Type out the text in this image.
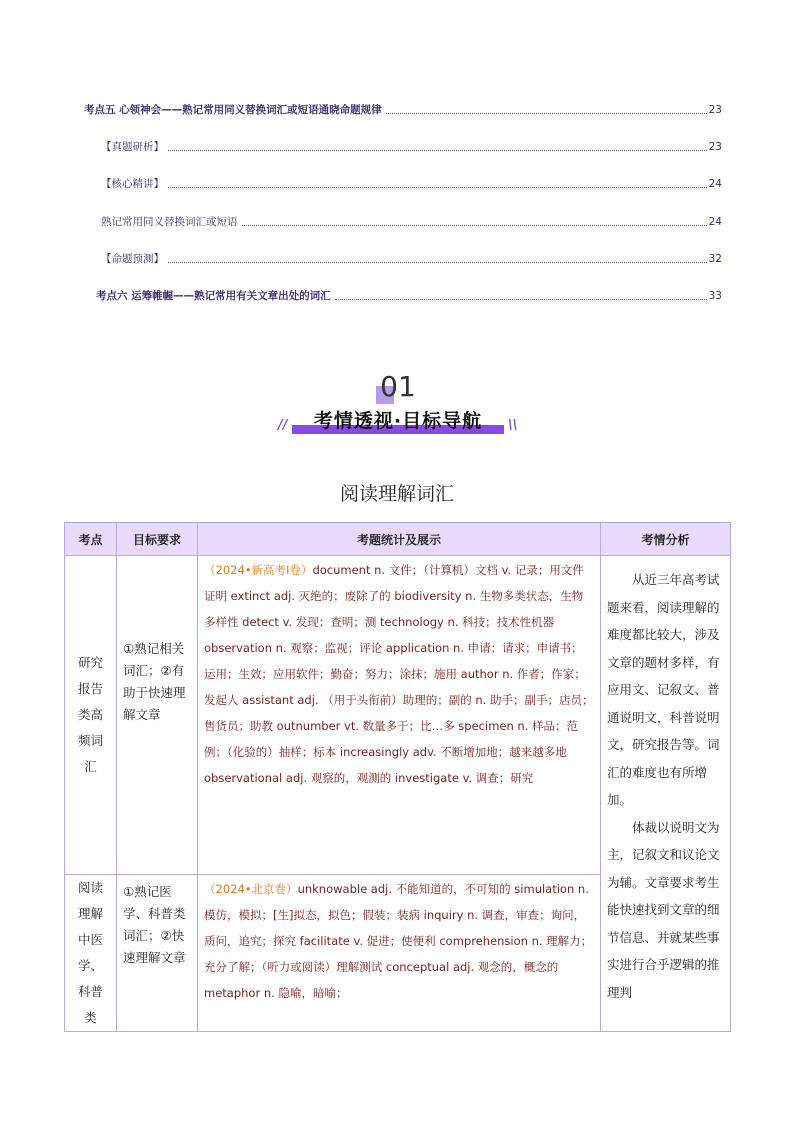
考点五 心领神会——熟记常用同义替换词汇或短语通晓命题规律	23
【真题研析】	23
【核心精讲】	24
熟记常用同义替换词汇或短语	24
【命题预测】	32
考点六 运筹帷幄——熟记常用有关文章出处的词汇	33
01
//	考情透视·目标导航	\\
阅读理解词汇
考点	目标要求	考题统计及展示	考情分析
研究报告类高频词汇	①熟记相关词汇；②有助于快速理解文章	（2024•新高考I卷）document n. 文件；（计算机）文档 v. 记录；用文件证明 extinct adj. 灭绝的；废除了的 biodiversity n. 生物多类状态，生物多样性 detect v. 发现；查明；测 technology n. 科技；技术性机器 observation n. 观察；监视；评论 application n. 申请；请求；申请书；运用；生效；应用软件；勤奋；努力；涂抹；施用 author n. 作者；作家；发起人 assistant adj. （用于头衔前）助理的；副的 n. 助手；副手；店员；售货员；助教 outnumber vt. 数量多于；比…多 specimen n. 样品；范例；（化验的）抽样；标本 increasingly adv. 不断增加地；越来越多地 observational adj. 观察的，观测的 investigate v. 调查；研究	从近三年高考试题来看，阅读理解的难度都比较大，涉及文章的题材多样，有应用文、记叙文、普通说明文，科普说明文，研究报告等。词汇的难度也有所增加。

体裁以说明文为主，记叙文和议论文为辅。文章要求考生能快速找到文章的细节信息、并就某些事实进行合乎逻辑的推理判

阅读理解中医学、科普类	①熟记医学、科普类词汇；②快速理解文章	（2024•北京卷）unknowable adj. 不能知道的，不可知的 simulation n. 模仿，模拟；[生]拟态，拟色；假装；装病 inquiry n. 调查，审查；询问，质问，追究；探究 facilitate v. 促进；使便利 comprehension n. 理解力；充分了解；（听力或阅读）理解测试 conceptual adj. 观念的，概念的 metaphor n. 隐喻，暗喻；	
